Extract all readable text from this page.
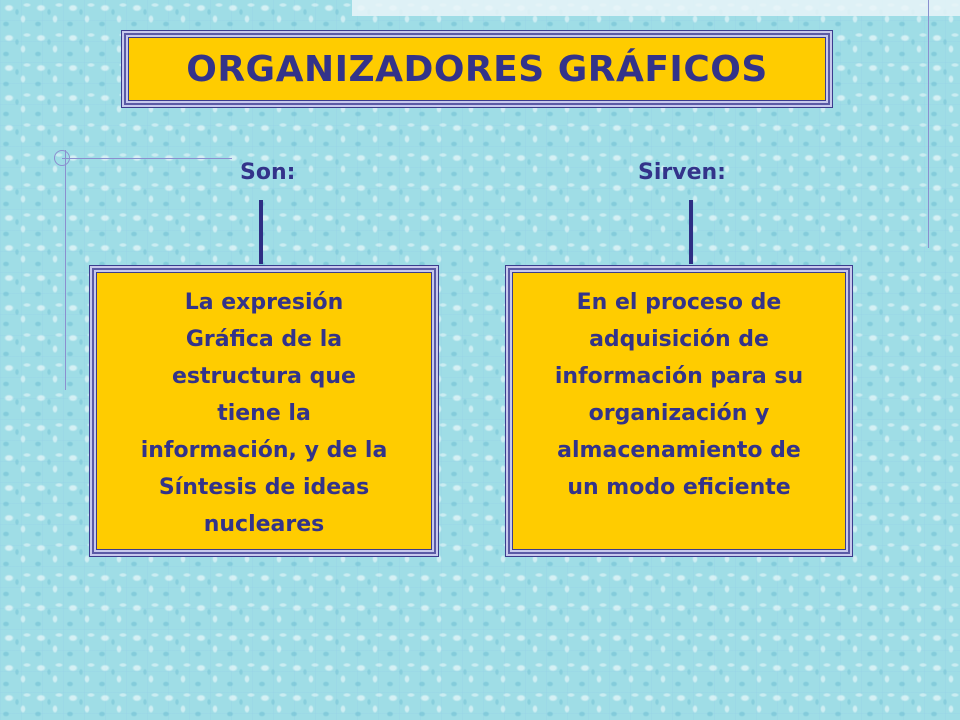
ORGANIZADORES GRÁFICOS
Son:	Sirven:

La expresión
Gráfica de la
estructura que
tiene la
información, y de la
Síntesis de ideas
nucleares

En el proceso de
adquisición de
información para su
organización y
almacenamiento de
un modo eficiente
